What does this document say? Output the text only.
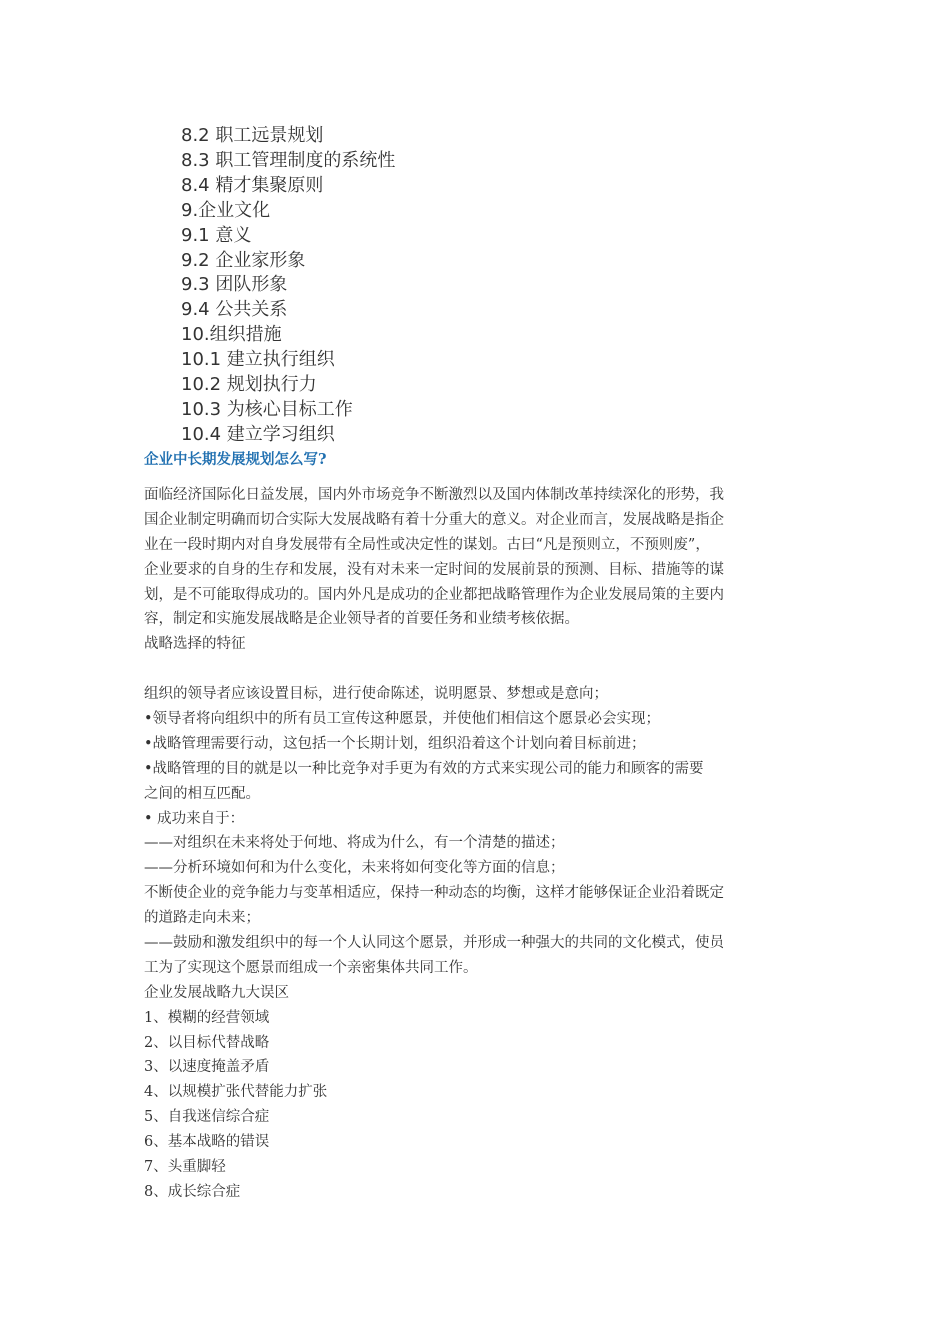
8.2 职工远景规划
8.3 职工管理制度的系统性
8.4 精才集聚原则
9.企业文化
9.1 意义
9.2 企业家形象
9.3 团队形象
9.4 公共关系
10.组织措施
10.1 建立执行组织
10.2 规划执行力
10.3 为核心目标工作
10.4 建立学习组织
企业中长期发展规划怎么写?
面临经济国际化日益发展，国内外市场竞争不断激烈以及国内体制改革持续深化的形势，我
国企业制定明确而切合实际大发展战略有着十分重大的意义。对企业而言，发展战略是指企
业在一段时期内对自身发展带有全局性或决定性的谋划。古曰“凡是预则立，不预则废”，
企业要求的自身的生存和发展，没有对未来一定时间的发展前景的预测、目标、措施等的谋
划，是不可能取得成功的。国内外凡是成功的企业都把战略管理作为企业发展局策的主要内
容，制定和实施发展战略是企业领导者的首要任务和业绩考核依据。
战略选择的特征
组织的领导者应该设置目标，进行使命陈述，说明愿景、梦想或是意向；
•领导者将向组织中的所有员工宣传这种愿景，并使他们相信这个愿景必会实现；
•战略管理需要行动，这包括一个长期计划，组织沿着这个计划向着目标前进；
•战略管理的目的就是以一种比竞争对手更为有效的方式来实现公司的能力和顾客的需要
之间的相互匹配。
• 成功来自于：
——对组织在未来将处于何地、将成为什么，有一个清楚的描述；
——分析环境如何和为什么变化，未来将如何变化等方面的信息；
不断使企业的竞争能力与变革相适应，保持一种动态的均衡，这样才能够保证企业沿着既定
的道路走向未来；
——鼓励和激发组织中的每一个人认同这个愿景，并形成一种强大的共同的文化模式，使员
工为了实现这个愿景而组成一个亲密集体共同工作。
企业发展战略九大误区
1、模糊的经营领域
2、以目标代替战略
3、以速度掩盖矛盾
4、以规模扩张代替能力扩张
5、自我迷信综合症
6、基本战略的错误
7、头重脚轻
8、成长综合症
